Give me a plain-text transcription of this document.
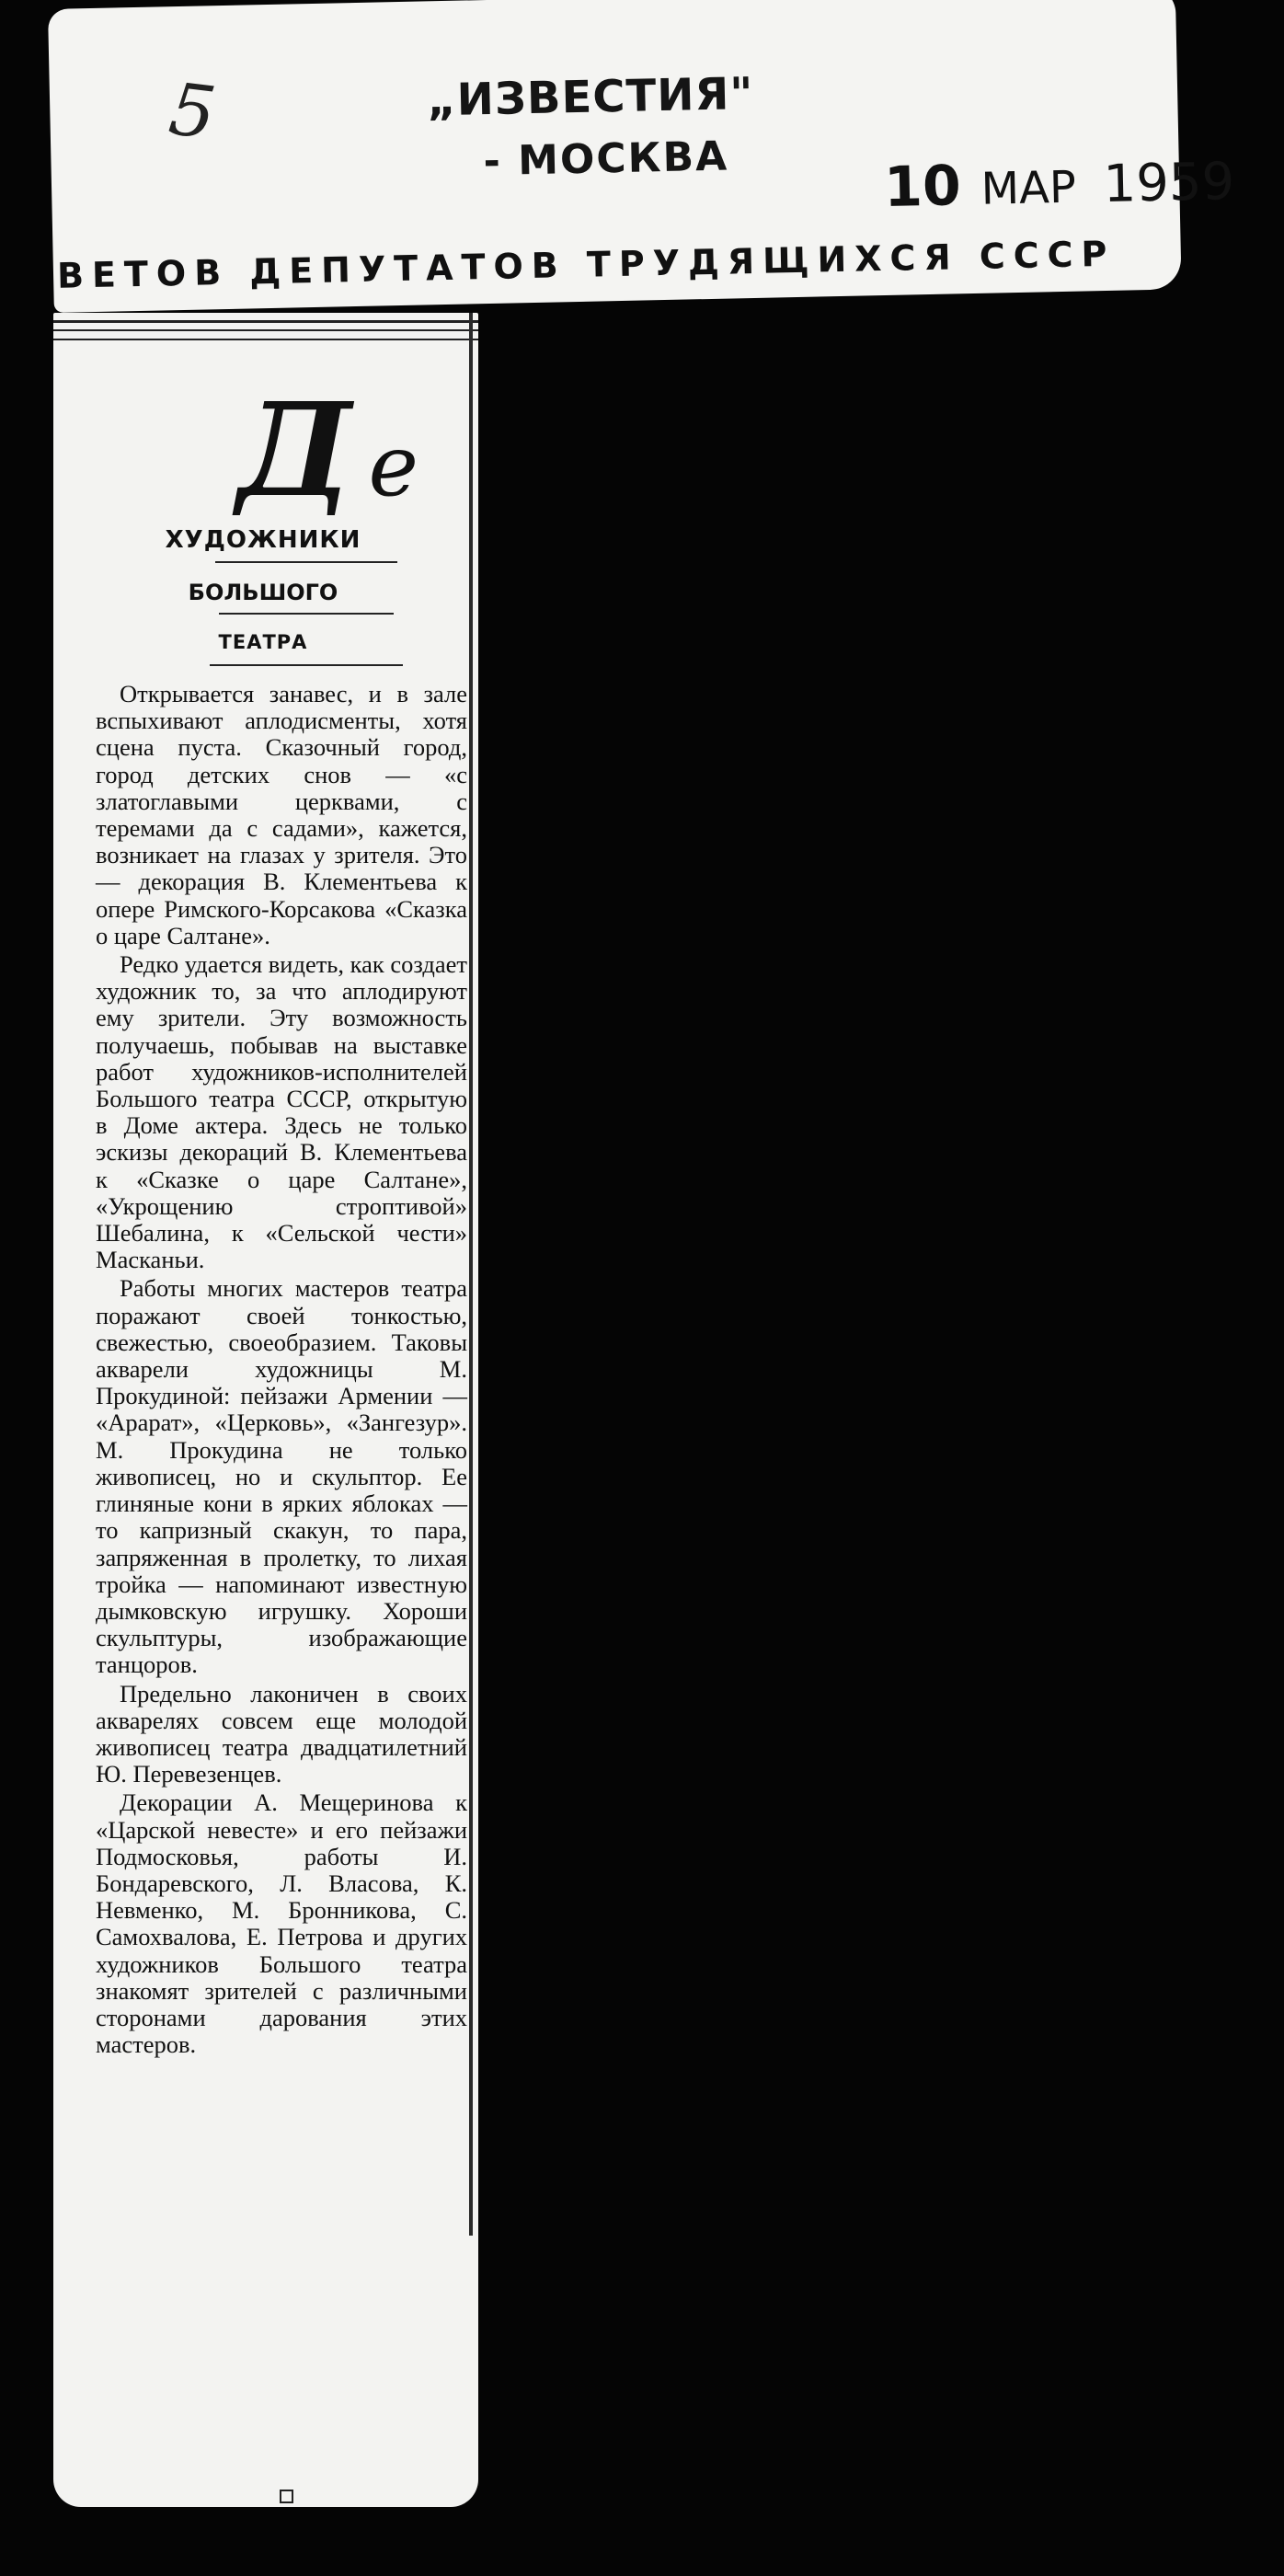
5	„ИЗВЕСТИЯ"
- МОСКВА	10 МАР 1959
ВЕТОВ ДЕПУТАТОВ ТРУДЯЩИХСЯ СССР
Де
ХУДОЖНИКИ
БОЛЬШОГО
ТЕАТРА

Открывается занавес, и в зале вспыхивают аплодисменты, хотя сцена пуста. Сказочный город, город детских снов — «с златоглавыми церквами, с теремами да с садами», кажется, возникает на глазах у зрителя. Это — декорация В. Клементьева к опере Римского-Корсакова «Сказка о царе Салтане».

Редко удается видеть, как создает художник то, за что аплодируют ему зрители. Эту возможность получаешь, побывав на выставке работ художников-исполнителей Большого театра СССР, открытую в Доме актера. Здесь не только эскизы декораций В. Клементьева к «Сказке о царе Салтане», «Укрощению строптивой» Шебалина, к «Сельской чести» Масканьи.

Работы многих мастеров театра поражают своей тонкостью, свежестью, своеобразием. Таковы акварели художницы М. Прокудиной: пейзажи Армении — «Арарат», «Церковь», «Зангезур». М. Прокудина не только живописец, но и скульптор. Ее глиняные кони в ярких яблоках — то капризный скакун, то пара, запряженная в пролетку, то лихая тройка — напоминают известную дымковскую игрушку. Хороши скульптуры, изображающие танцоров.

Предельно лаконичен в своих акварелях совсем еще молодой живописец театра двадцатилетний Ю. Перевезенцев.

Декорации А. Мещеринова к «Царской невесте» и его пейзажи Подмосковья, работы И. Бондаревского, Л. Власова, К. Невменко, М. Бронникова, С. Самохвалова, Е. Петрова и других художников Большого театра знакомят зрителей с различными сторонами дарования этих мастеров.
